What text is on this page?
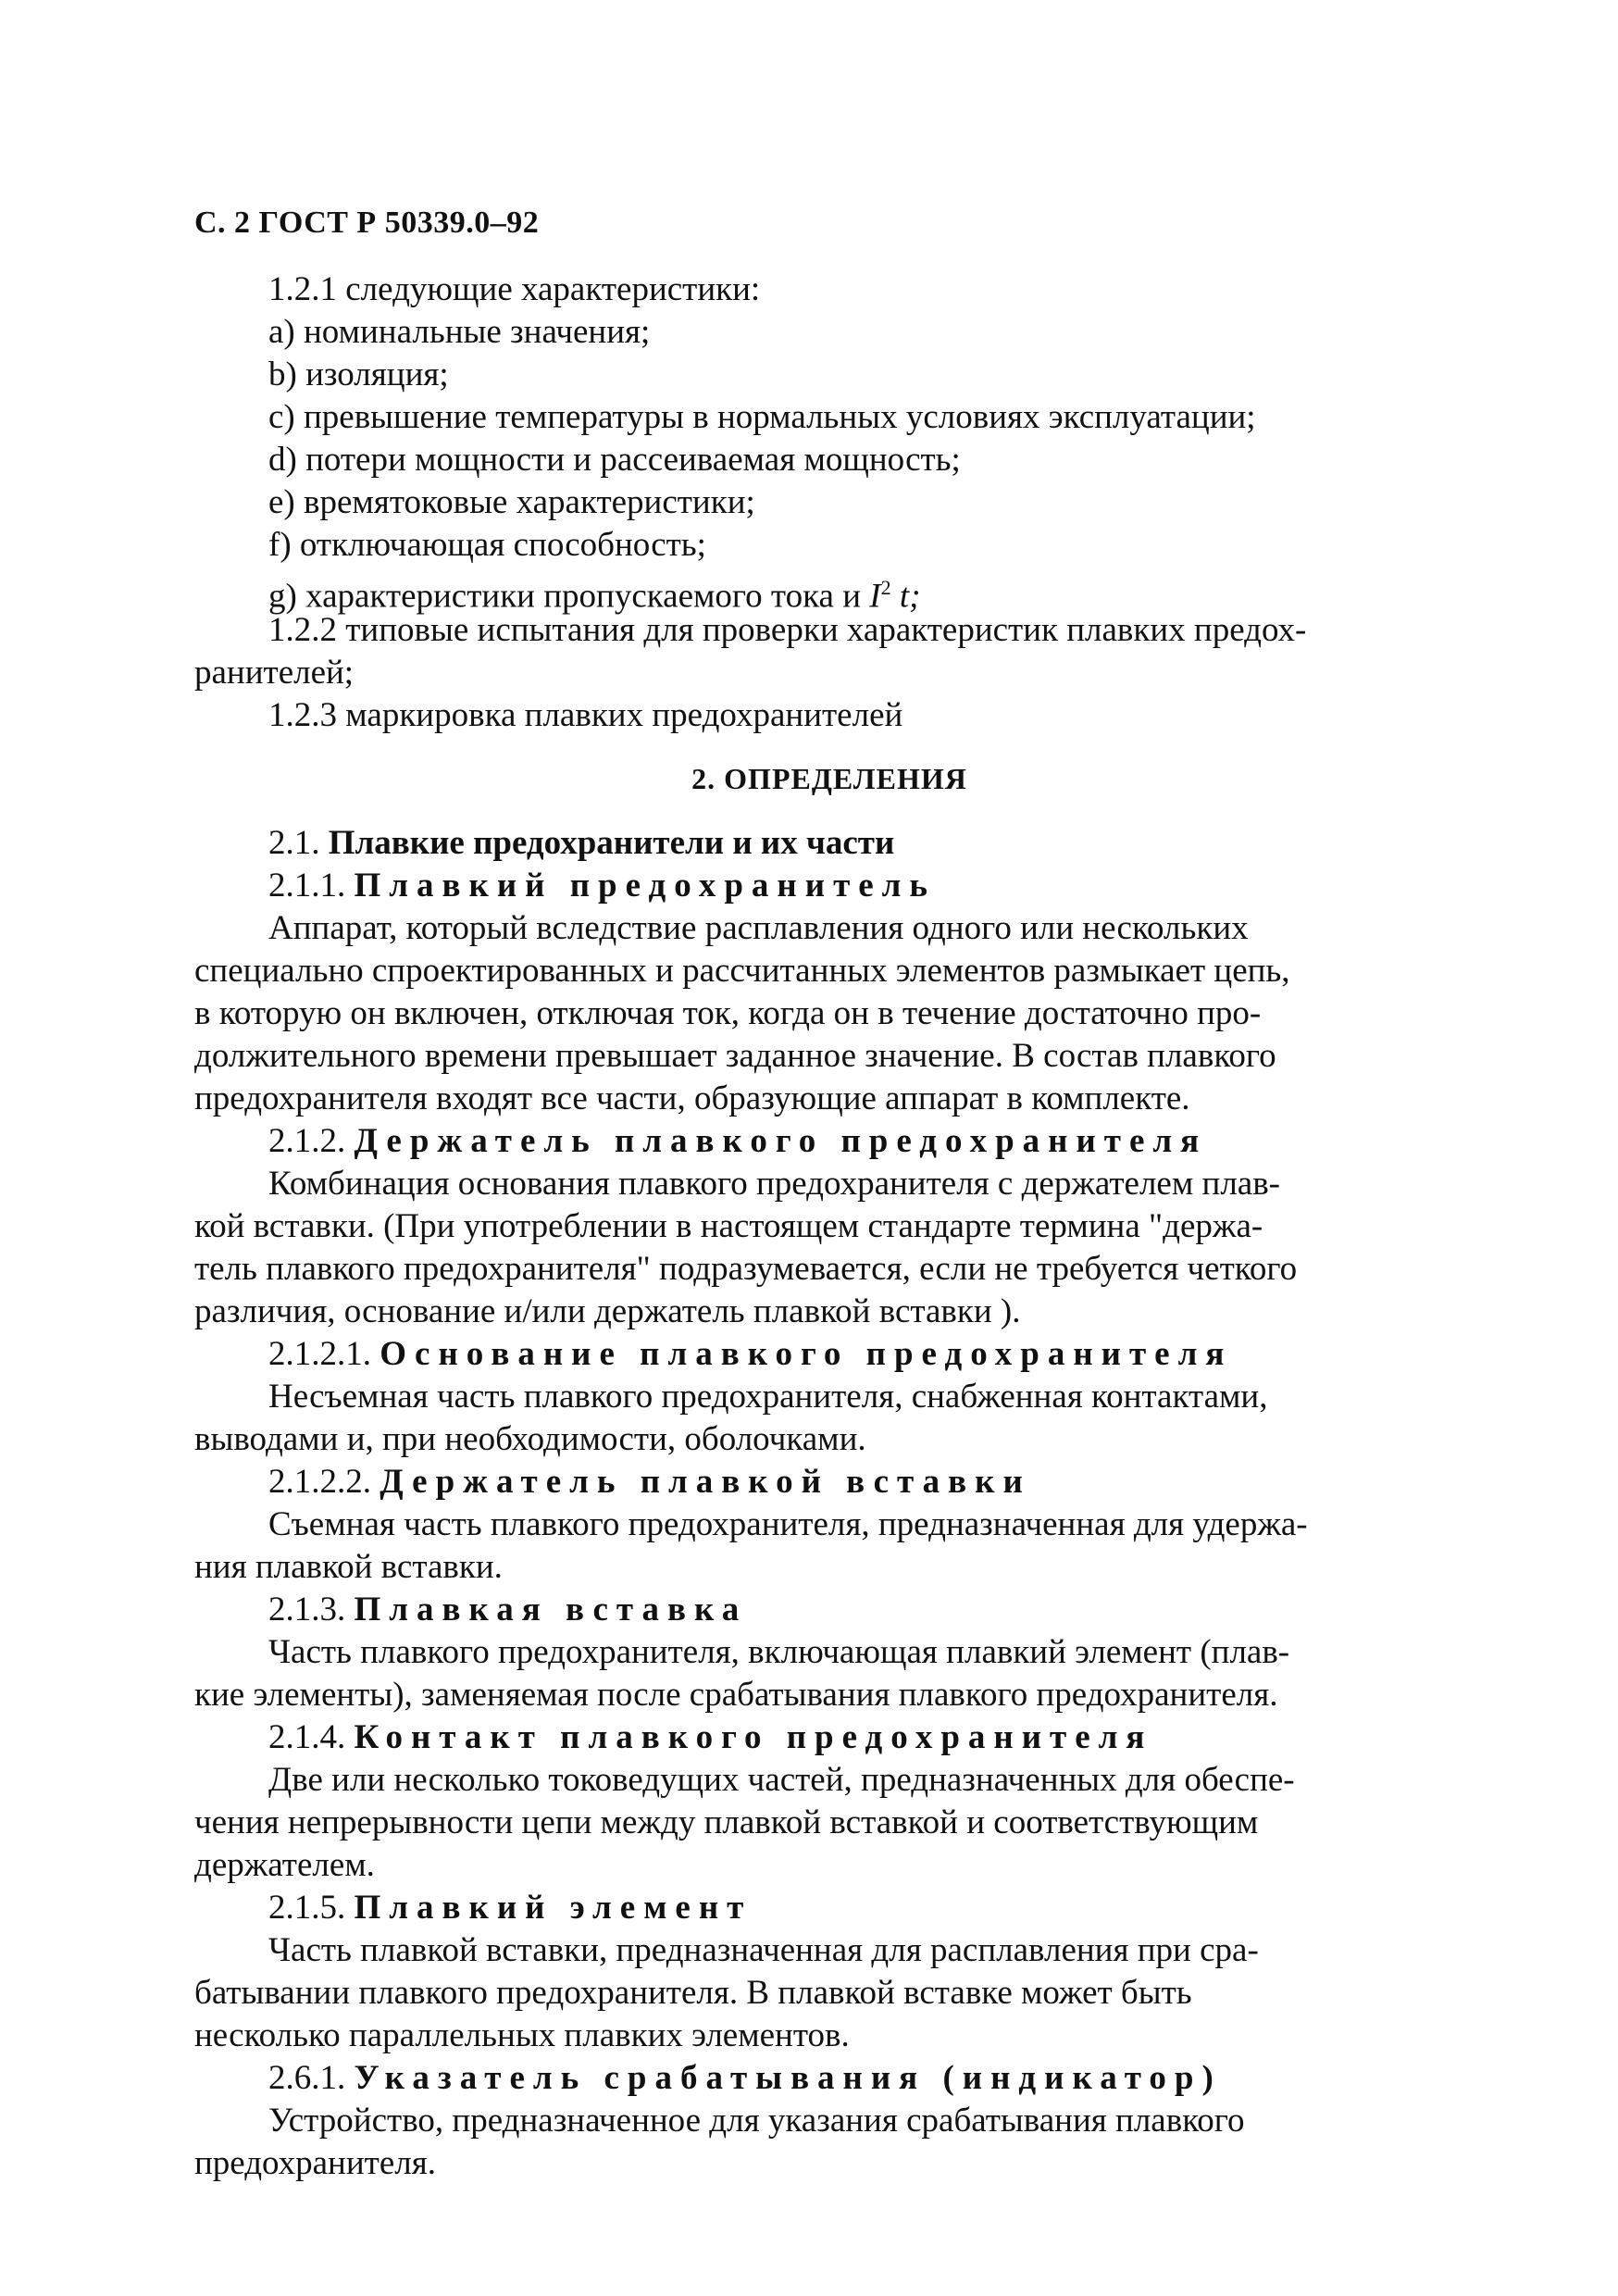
С. 2 ГОСТ Р 50339.0–92
1.2.1 следующие характеристики:
a) номинальные значения;
b) изоляция;
c) превышение температуры в нормальных условиях эксплуатации;
d) потери мощности и рассеиваемая мощность;
e) времятоковые характеристики;
f) отключающая способность;
g) характеристики пропускаемого тока и $I^2$ t;
1.2.2 типовые испытания для проверки характеристик плавких предох-
ранителей;
1.2.3 маркировка плавких предохранителей
2. ОПРЕДЕЛЕНИЯ
2.1. Плавкие предохранители и их части
2.1.1. Плавкий предохранитель
Аппарат, который вследствие расплавления одного или нескольких
специально спроектированных и рассчитанных элементов размыкает цепь,
в которую он включен, отключая ток, когда он в течение достаточно про-
должительного времени превышает заданное значение. В состав плавкого
предохранителя входят все части, образующие аппарат в комплекте.
2.1.2. Держатель плавкого предохранителя
Комбинация основания плавкого предохранителя с держателем плав-
кой вставки. (При употреблении в настоящем стандарте термина "держа-
тель плавкого предохранителя" подразумевается, если не требуется четкого
различия, основание и/или держатель плавкой вставки ).
2.1.2.1. Основание плавкого предохранителя
Несъемная часть плавкого предохранителя, снабженная контактами,
выводами и, при необходимости, оболочками.
2.1.2.2. Держатель плавкой вставки
Съемная часть плавкого предохранителя, предназначенная для удержа-
ния плавкой вставки.
2.1.3. Плавкая вставка
Часть плавкого предохранителя, включающая плавкий элемент (плав-
кие элементы), заменяемая после срабатывания плавкого предохранителя.
2.1.4. Контакт плавкого предохранителя
Две или несколько токоведущих частей, предназначенных для обеспе-
чения непрерывности цепи между плавкой вставкой и соответствующим
держателем.
2.1.5. Плавкий элемент
Часть плавкой вставки, предназначенная для расплавления при сра-
батывании плавкого предохранителя. В плавкой вставке может быть
несколько параллельных плавких элементов.
2.6.1. Указатель срабатывания (индикатор)
Устройство, предназначенное для указания срабатывания плавкого
предохранителя.
